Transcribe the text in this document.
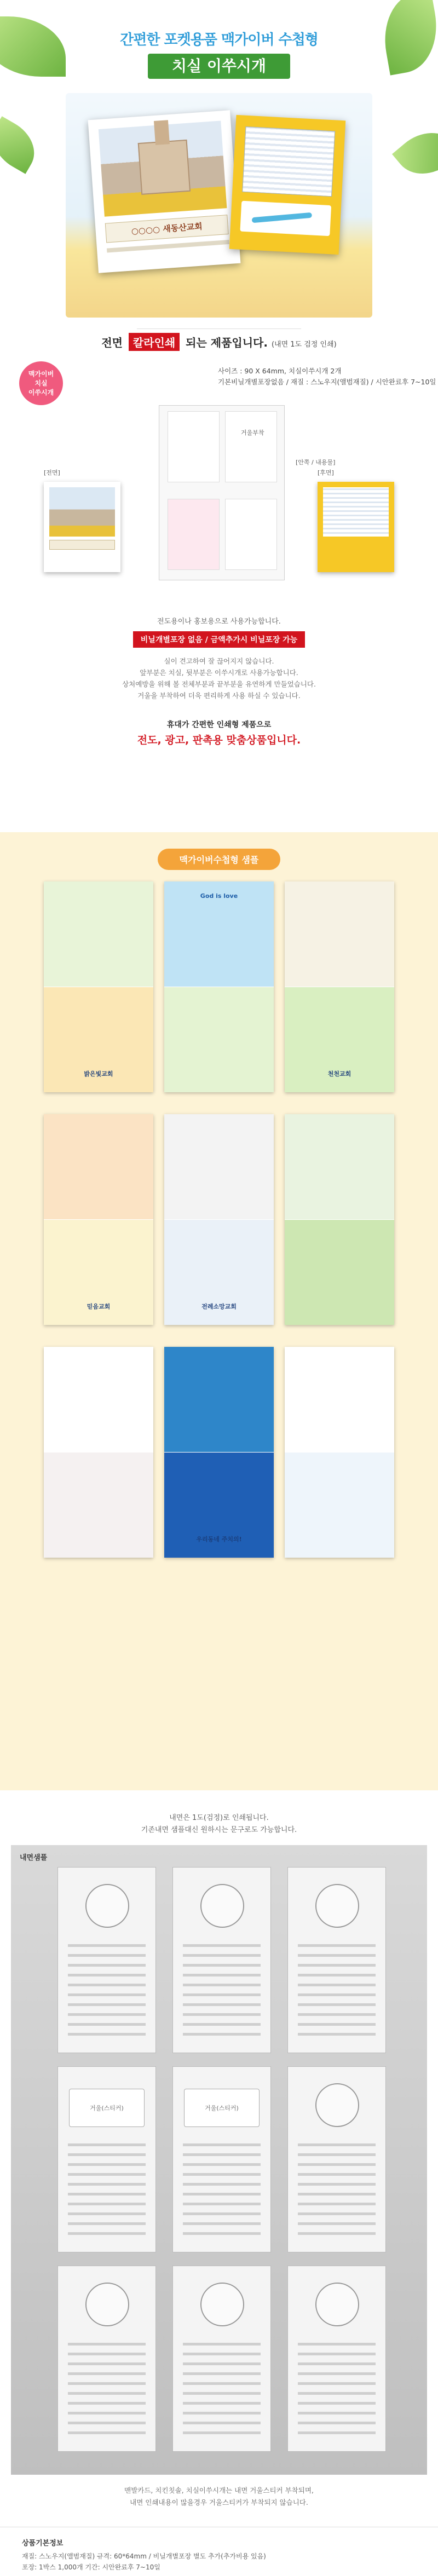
간편한 포켓용품 맥가이버 수첩형
치실 이쑤시개
○○○○ 새동산교회
전면 칼라인쇄 되는 제품입니다. (내면 1도 검정 인쇄)
맥가이버
치실
이쑤시개
사이즈 : 90 X 64mm, 치실이쑤시개 2개
기본비닐개별포장없음 / 재질 : 스노우지(앨범재질) / 시안완료후 7~10일
거울부착
[안쪽 / 내용물]
[전면]	[후면]
전도용이나 홍보용으로 사용가능합니다.
비닐개별포장 없음 / 금액추가시 비닐포장 가능
실이 견고하여 잘 끊어지지 않습니다.
앞부분은 치실, 뒷부분은 이쑤시개로 사용가능합니다.
상처예방을 위해 볼 전체부분과 끝부분을 유연하게 만들었습니다.
거울을 부착하여 더욱 편리하게 사용 하실 수 있습니다.
휴대가 간편한 인쇄형 제품으로
전도, 광고, 판촉용 맞춤상품입니다.
맥가이버수첩형 샘플
밝은빛교회
God is love
천천교회
믿음교회	전례소망교회
우리동네 주치의!
내면은 1도(검정)로 인쇄됩니다.
기존내면 샘플대신 원하시는 문구로도 가능합니다.
내면샘플
거울(스티커)	거울(스티커)
맨발카드, 치킨칫솔, 치실이쑤시개는 내면 거울스티커 부착되며,
내면 인쇄내용이 많을경우 거울스티커가 부착되지 않습니다.
상품기본정보
재질: 스노우지(앨범재질) 규격: 60*64mm / 비닐개별포장 별도 추가(추가비용 있음)
포장: 1박스 1,000개 기간: 시안완료후 7~10일
